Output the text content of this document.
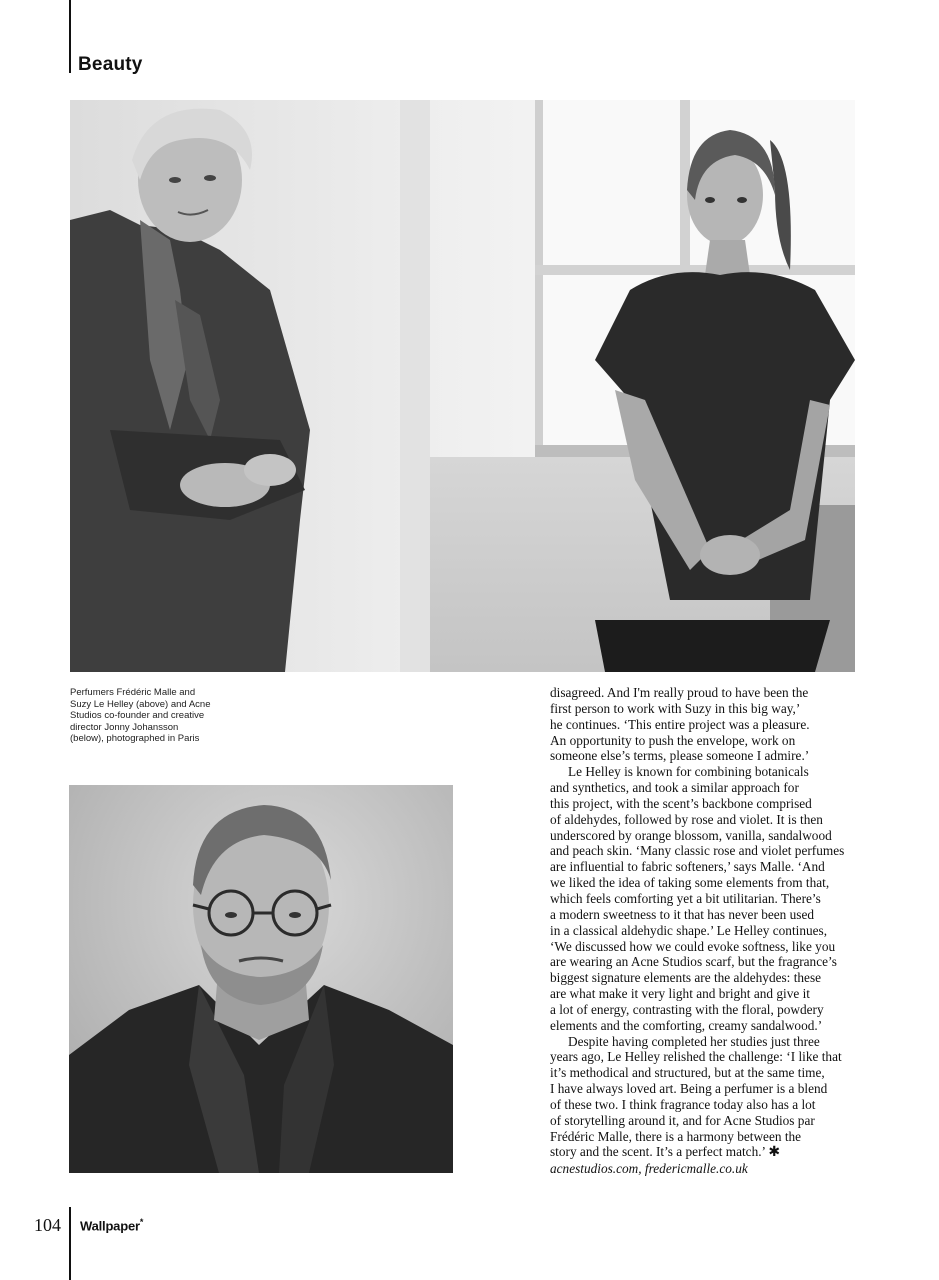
Beauty

Perfumers Frédéric Malle and

Suzy Le Helley (above) and Acne

Studios co-founder and creative

director Jonny Johansson

(below), photographed in Paris

disagreed. And I'm really proud to have been the
first person to work with Suzy in this big way,’
he continues. ‘This entire project was a pleasure.
An opportunity to push the envelope, work on
someone else’s terms, please someone I admire.’
Le Helley is known for combining botanicals
and synthetics, and took a similar approach for
this project, with the scent’s backbone comprised
of aldehydes, followed by rose and violet. It is then
underscored by orange blossom, vanilla, sandalwood
and peach skin. ‘Many classic rose and violet perfumes
are influential to fabric softeners,’ says Malle. ‘And
we liked the idea of taking some elements from that,
which feels comforting yet a bit utilitarian. There’s
a modern sweetness to it that has never been used
in a classical aldehydic shape.’ Le Helley continues,
‘We discussed how we could evoke softness, like you
are wearing an Acne Studios scarf, but the fragrance’s
biggest signature elements are the aldehydes: these
are what make it very light and bright and give it
a lot of energy, contrasting with the floral, powdery
elements and the comforting, creamy sandalwood.’
Despite having completed her studies just three
years ago, Le Helley relished the challenge: ‘I like that
it’s methodical and structured, but at the same time,
I have always loved art. Being a perfumer is a blend
of these two. I think fragrance today also has a lot
of storytelling around it, and for Acne Studios par
Frédéric Malle, there is a harmony between the
story and the scent. It’s a perfect match.’ ✱
acnestudios.com, fredericmalle.co.uk
104 Wallpaper*
